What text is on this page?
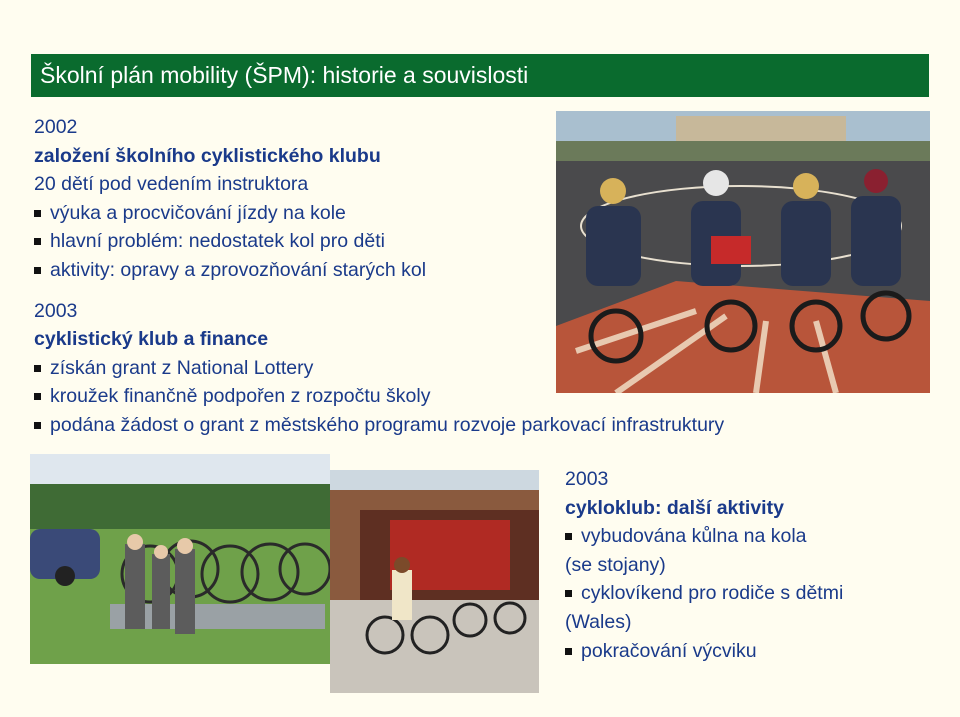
Školní plán mobility (ŠPM): historie a souvislosti
2002
založení školního cyklistického klubu
20 dětí pod vedením instruktora
výuka a procvičování jízdy na kole
hlavní problém: nedostatek kol pro děti
aktivity: opravy a zprovozňování starých kol
2003
cyklistický klub a finance
získán grant z National Lottery
kroužek finančně podpořen z rozpočtu školy
podána žádost o grant z městského programu rozvoje parkovací infrastruktury
2003
cykloklub: další aktivity
vybudována kůlna na kola
(se stojany)
cyklovíkend pro rodiče s dětmi
(Wales)
pokračování výcviku
